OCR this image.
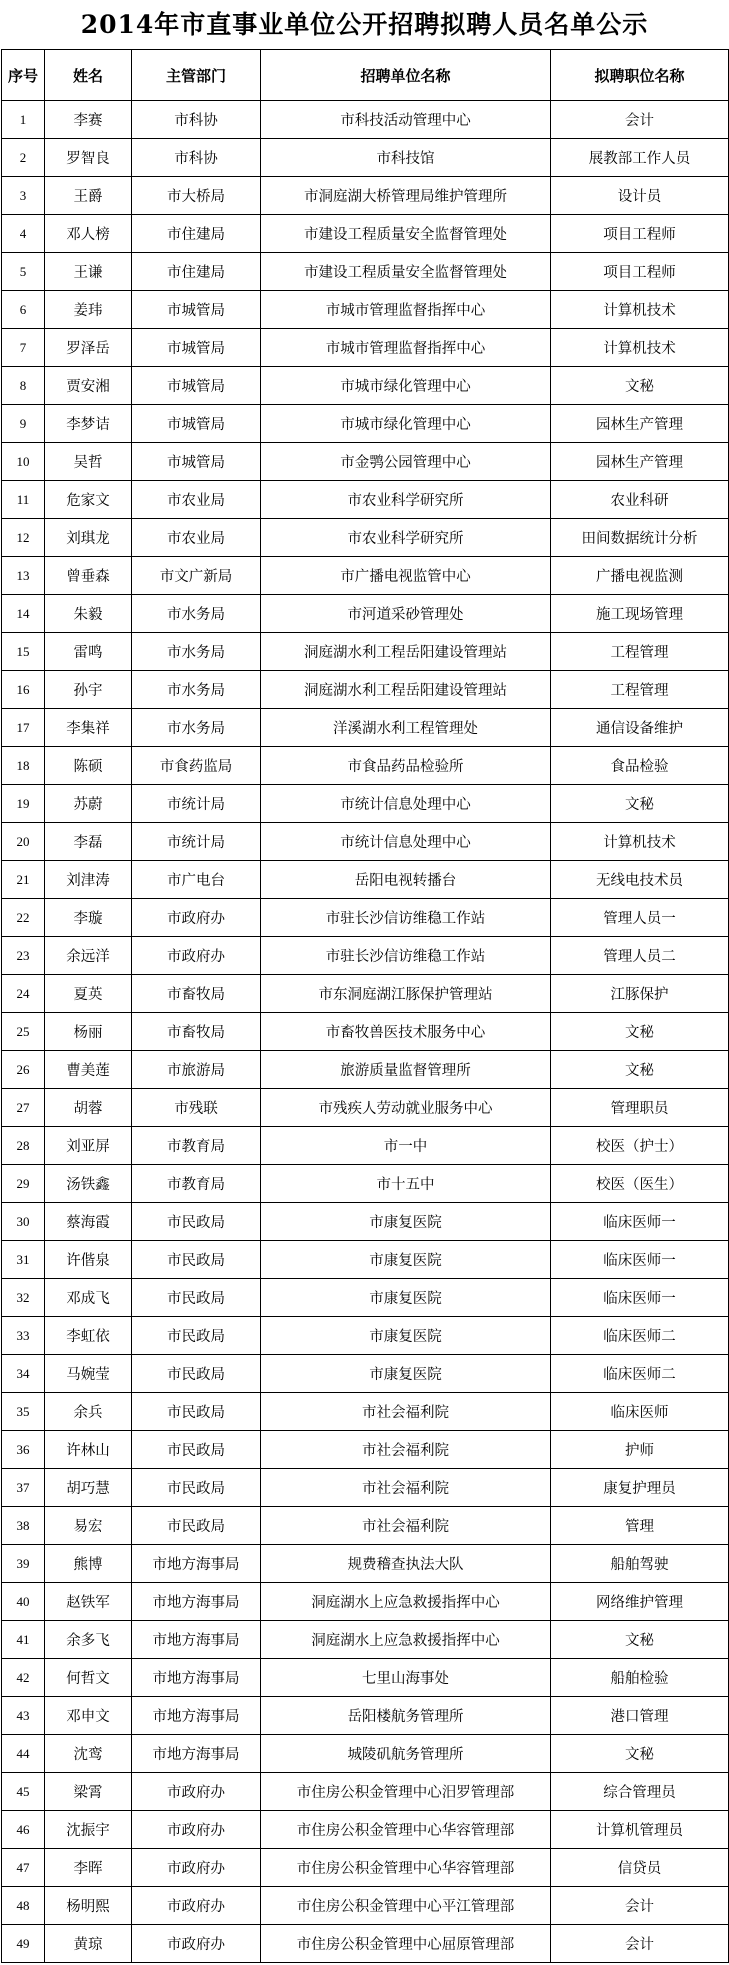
2014年市直事业单位公开招聘拟聘人员名单公示
序号	姓名	主管部门	招聘单位名称	拟聘职位名称
1	李赛	市科协	市科技活动管理中心	会计
2	罗智良	市科协	市科技馆	展教部工作人员
3	王爵	市大桥局	市洞庭湖大桥管理局维护管理所	设计员
4	邓人榜	市住建局	市建设工程质量安全监督管理处	项目工程师
5	王谦	市住建局	市建设工程质量安全监督管理处	项目工程师
6	姜玮	市城管局	市城市管理监督指挥中心	计算机技术
7	罗泽岳	市城管局	市城市管理监督指挥中心	计算机技术
8	贾安湘	市城管局	市城市绿化管理中心	文秘
9	李梦诘	市城管局	市城市绿化管理中心	园林生产管理
10	吴哲	市城管局	市金鹗公园管理中心	园林生产管理
11	危家文	市农业局	市农业科学研究所	农业科研
12	刘琪龙	市农业局	市农业科学研究所	田间数据统计分析
13	曾垂森	市文广新局	市广播电视监管中心	广播电视监测
14	朱毅	市水务局	市河道采砂管理处	施工现场管理
15	雷鸣	市水务局	洞庭湖水利工程岳阳建设管理站	工程管理
16	孙宇	市水务局	洞庭湖水利工程岳阳建设管理站	工程管理
17	李集祥	市水务局	洋溪湖水利工程管理处	通信设备维护
18	陈硕	市食药监局	市食品药品检验所	食品检验
19	苏蔚	市统计局	市统计信息处理中心	文秘
20	李磊	市统计局	市统计信息处理中心	计算机技术
21	刘津涛	市广电台	岳阳电视转播台	无线电技术员
22	李璇	市政府办	市驻长沙信访维稳工作站	管理人员一
23	余远洋	市政府办	市驻长沙信访维稳工作站	管理人员二
24	夏英	市畜牧局	市东洞庭湖江豚保护管理站	江豚保护
25	杨丽	市畜牧局	市畜牧兽医技术服务中心	文秘
26	曹美莲	市旅游局	旅游质量监督管理所	文秘
27	胡蓉	市残联	市残疾人劳动就业服务中心	管理职员
28	刘亚屏	市教育局	市一中	校医（护士）
29	汤铁鑫	市教育局	市十五中	校医（医生）
30	蔡海霞	市民政局	市康复医院	临床医师一
31	许偕泉	市民政局	市康复医院	临床医师一
32	邓成飞	市民政局	市康复医院	临床医师一
33	李虹依	市民政局	市康复医院	临床医师二
34	马婉莹	市民政局	市康复医院	临床医师二
35	余兵	市民政局	市社会福利院	临床医师
36	许林山	市民政局	市社会福利院	护师
37	胡巧慧	市民政局	市社会福利院	康复护理员
38	易宏	市民政局	市社会福利院	管理
39	熊博	市地方海事局	规费稽查执法大队	船舶驾驶
40	赵铁军	市地方海事局	洞庭湖水上应急救援指挥中心	网络维护管理
41	余多飞	市地方海事局	洞庭湖水上应急救援指挥中心	文秘
42	何哲文	市地方海事局	七里山海事处	船舶检验
43	邓申文	市地方海事局	岳阳楼航务管理所	港口管理
44	沈鸾	市地方海事局	城陵矶航务管理所	文秘
45	梁霄	市政府办	市住房公积金管理中心汨罗管理部	综合管理员
46	沈振宇	市政府办	市住房公积金管理中心华容管理部	计算机管理员
47	李晖	市政府办	市住房公积金管理中心华容管理部	信贷员
48	杨明熙	市政府办	市住房公积金管理中心平江管理部	会计
49	黄琼	市政府办	市住房公积金管理中心屈原管理部	会计
